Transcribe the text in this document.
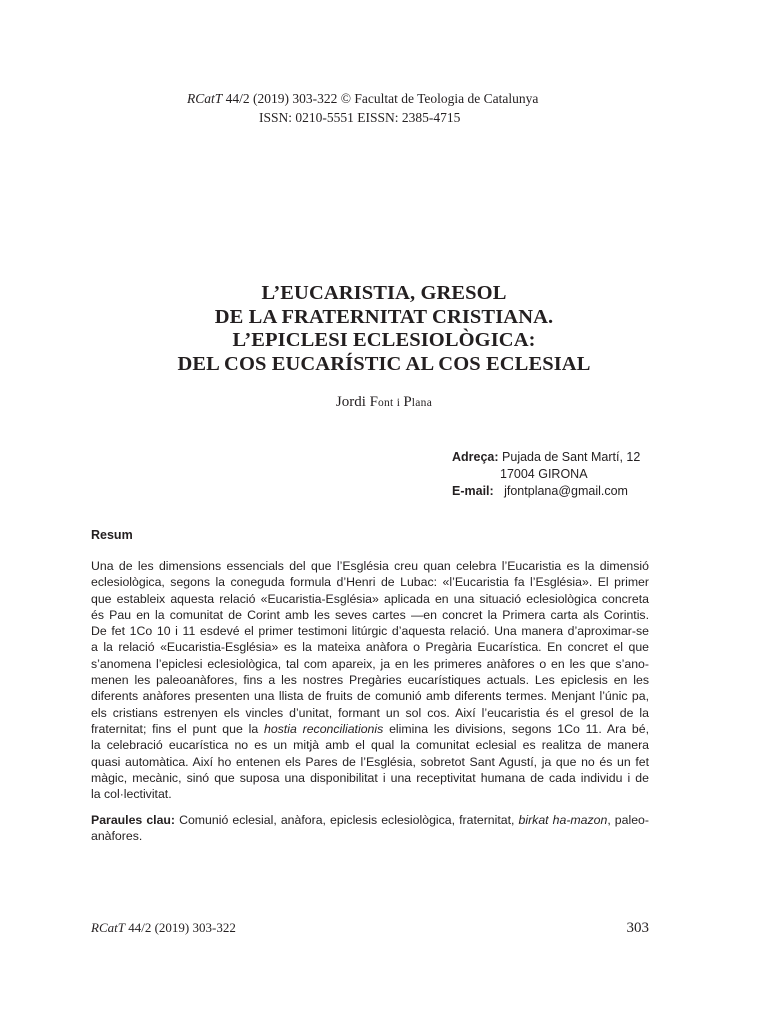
RCatT 44/2 (2019) 303-322 © Facultat de Teologia de Catalunya
ISSN: 0210-5551 EISSN: 2385-4715
L’EUCARISTIA, GRESOL
DE LA FRATERNITAT CRISTIANA.
L’EPICLESI ECLESIOLÒGICA:
DEL COS EUCARÍSTIC AL COS ECLESIAL
Jordi Font i Plana
Adreça: Pujada de Sant Martí, 12
17004 GIRONA
E-mail: jfontplana@gmail.com
Resum
Una de les dimensions essencials del que l’Església creu quan celebra l’Eucaristia es la dimensió
eclesiològica, segons la coneguda formula d’Henri de Lubac: «l’Eucaristia fa l’Església». El primer
que estableix aquesta relació «Eucaristia-Església» aplicada en una situació eclesiològica concreta
és Pau en la comunitat de Corint amb les seves cartes —en concret la Primera carta als Corintis.
De fet 1Co 10 i 11 esdevé el primer testimoni litúrgic d’aquesta relació. Una manera d’aproximar-se
a la relació «Eucaristia-Església» es la mateixa anàfora o Pregària Eucarística. En concret el que
s’anomena l’epiclesi eclesiològica, tal com apareix, ja en les primeres anàfores o en les que s’ano-
menen les paleoanàfores, fins a les nostres Pregàries eucarístiques actuals. Les epiclesis en les
diferents anàfores presenten una llista de fruits de comunió amb diferents termes. Menjant l’únic pa,
els cristians estrenyen els vincles d’unitat, formant un sol cos. Així l’eucaristia és el gresol de la
fraternitat; fins el punt que la hostia reconciliationis elimina les divisions, segons 1Co 11. Ara bé,
la celebració eucarística no es un mitjà amb el qual la comunitat eclesial es realitza de manera
quasi automàtica. Així ho entenen els Pares de l’Església, sobretot Sant Agustí, ja que no és un fet
màgic, mecànic, sinó que suposa una disponibilitat i una receptivitat humana de cada individu i de
la col·lectivitat.
Paraules clau: Comunió eclesial, anàfora, epiclesis eclesiològica, fraternitat, birkat ha-mazon, paleo-
anàfores.
RCatT 44/2 (2019) 303-322	303
